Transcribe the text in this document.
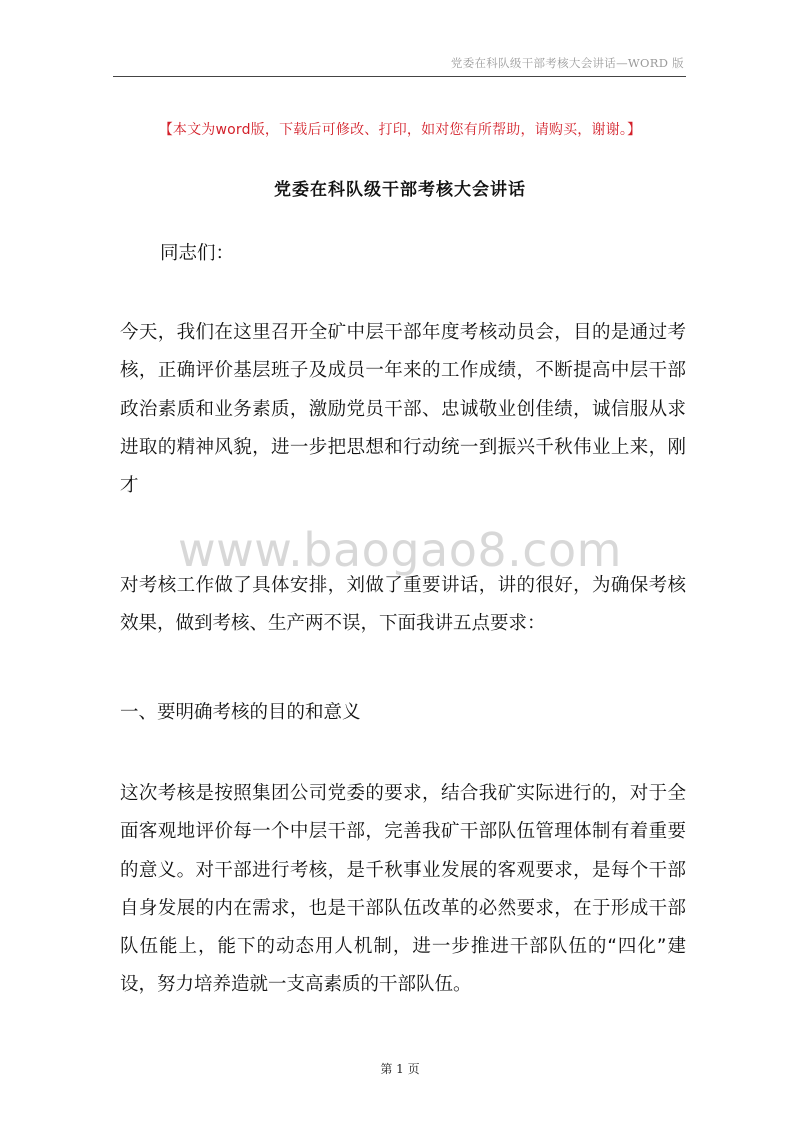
党委在科队级干部考核大会讲话—WORD 版
【本文为word版，下载后可修改、打印，如对您有所帮助，请购买，谢谢。】
党委在科队级干部考核大会讲话
同志们：

今天，我们在这里召开全矿中层干部年度考核动员会，目的是通过考核，正确评价基层班子及成员一年来的工作成绩，不断提高中层干部政治素质和业务素质，激励党员干部、忠诚敬业创佳绩，诚信服从求进取的精神风貌，进一步把思想和行动统一到振兴千秋伟业上来，刚才

www.baogao8.com

对考核工作做了具体安排，刘做了重要讲话，讲的很好，为确保考核效果，做到考核、生产两不误，下面我讲五点要求：

一、要明确考核的目的和意义

这次考核是按照集团公司党委的要求，结合我矿实际进行的，对于全面客观地评价每一个中层干部，完善我矿干部队伍管理体制有着重要的意义。对干部进行考核，是千秋事业发展的客观要求，是每个干部自身发展的内在需求，也是干部队伍改革的必然要求，在于形成干部队伍能上，能下的动态用人机制，进一步推进干部队伍的“四化”建设，努力培养造就一支高素质的干部队伍。

第 1 页
